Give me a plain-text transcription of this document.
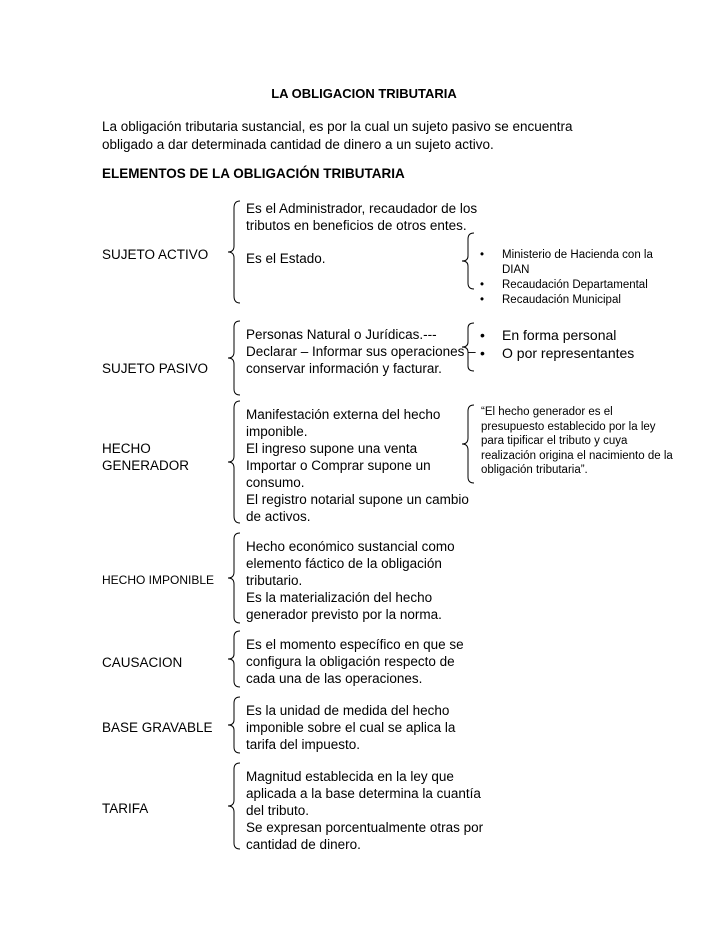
LA OBLIGACION TRIBUTARIA
La obligación tributaria sustancial, es por la cual un sujeto pasivo se encuentra obligado a dar determinada cantidad de dinero a un sujeto activo.
ELEMENTOS DE LA OBLIGACIÓN TRIBUTARIA
SUJETO ACTIVO

Es el Administrador, recaudador de los tributos en beneficios de otros entes.

Es el Estado.

•	Ministerio de Hacienda con la DIAN
• Recaudación Departamental
• Recaudación Municipal
SUJETO PASIVO

Personas Natural o Jurídicas.---Declarar – Informar sus operaciones – conservar información y facturar.

• En forma personal
• O por representantes
HECHO GENERADOR

Manifestación externa del hecho imponible.

El ingreso supone una venta

Importar o Comprar supone un consumo.

El registro notarial supone un cambio de activos.

“El hecho generador es el presupuesto establecido por la ley para tipificar el tributo y cuya realización origina el nacimiento de la obligación tributaria”.
HECHO IMPONIBLE

Hecho económico sustancial como elemento fáctico de la obligación tributario.

Es la materialización del hecho generador previsto por la norma.

CAUSACION

Es el momento específico en que se configura la obligación respecto de cada una de las operaciones.

BASE GRAVABLE

Es la unidad de medida del hecho imponible sobre el cual se aplica la tarifa del impuesto.

TARIFA

Magnitud establecida en la ley que aplicada a la base determina la cuantía del tributo.

Se expresan porcentualmente otras por cantidad de dinero.
